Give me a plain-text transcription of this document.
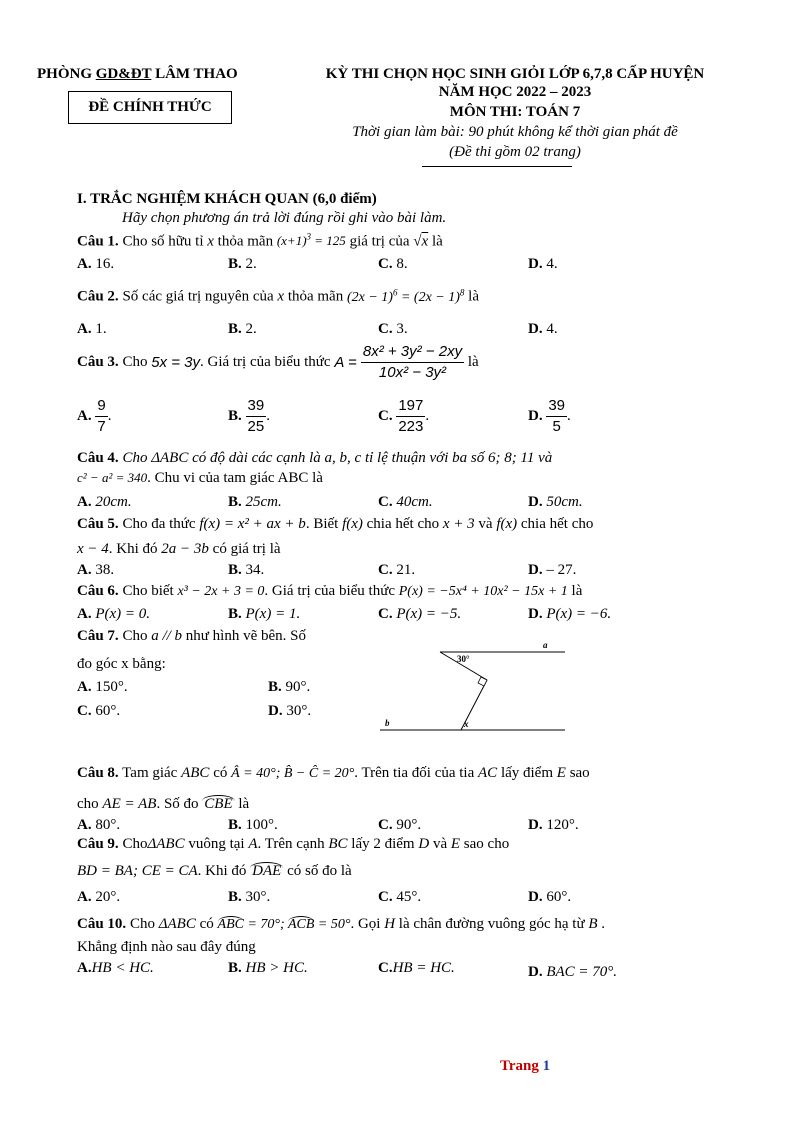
PHÒNG GD&ĐT LÂM THAO
ĐỀ CHÍNH THỨC
KỲ THI CHỌN HỌC SINH GIỎI LỚP 6,7,8 CẤP HUYỆN
NĂM HỌC 2022 – 2023
MÔN THI: TOÁN 7
Thời gian làm bài: 90 phút không kể thời gian phát đề
(Đề thi gồm 02 trang)
I. TRẮC NGHIỆM KHÁCH QUAN (6,0 điểm)
Hãy chọn phương án trả lời đúng rồi ghi vào bài làm.
Câu 1. Cho số hữu tỉ x thỏa mãn $(x+1)^3 = 125$ giá trị của √x là
A. 16.	B. 2.	C. 8.	D. 4.
Câu 2. Số các giá trị nguyên của x thỏa mãn $(2x - 1)^6 = (2x - 1)^8$ là
A. 1.	B. 2.	C. 3.	D. 4.
Câu 3. Cho 5x = 3y. Giá trị của biểu thức $A = \frac{\text{8x² + 3y² − 2xy}}{\text{10x² − 3y²}}$ là
A. $\frac{9}{7}$ .	B. $\frac{39}{25}$ .	C. $\frac{197}{223}$ .	D. $\frac{39}{5}$ .
Câu 4. Cho ΔABC có độ dài các cạnh là a, b, c tỉ lệ thuận với ba số 6; 8; 11 và
c² − a² = 340. Chu vi của tam giác ABC là
A. 20cm.	B. 25cm.	C. 40cm.	D. 50cm.
Câu 5. Cho đa thức f(x) = x² + ax + b. Biết f(x) chia hết cho x + 3 và f(x) chia hết cho
x − 4. Khi đó 2a − 3b có giá trị là
A. 38.	B. 34.	C. 21.	D. – 27.
Câu 6. Cho biết x³ − 2x + 3 = 0. Giá trị của biểu thức P(x) = −5x⁴ + 10x² − 15x + 1 là
A. P(x) = 0.	B. P(x) = 1.	C. P(x) = −5.	D. P(x) = −6.
Câu 7. Cho a // b như hình vẽ bên. Số
đo góc x bằng:
A. 150°.	B. 90°.
C. 60°.	D. 30°.
30°
a
b	x
Câu 8. Tam giác ABC có Â = 40°; B̂ − Ĉ = 20°. Trên tia đối của tia AC lấy điểm E sao
cho AE = AB. Số đo CBE là
A. 80°.	B. 100°.	C. 90°.	D. 120°.
Câu 9. ChoΔABC vuông tại A. Trên cạnh BC lấy 2 điểm D và E sao cho
BD = BA; CE = CA. Khi đó DAE có số đo là
A. 20°.	B. 30°.	C. 45°.	D. 60°.
Câu 10. Cho ΔABC có ABC = 70°; ACB = 50°. Gọi H là chân đường vuông góc hạ từ B .
Khẳng định nào sau đây đúng
A.HB < HC.	B. HB > HC.	C.HB = HC.	D. BAC = 70°.
Trang 1
